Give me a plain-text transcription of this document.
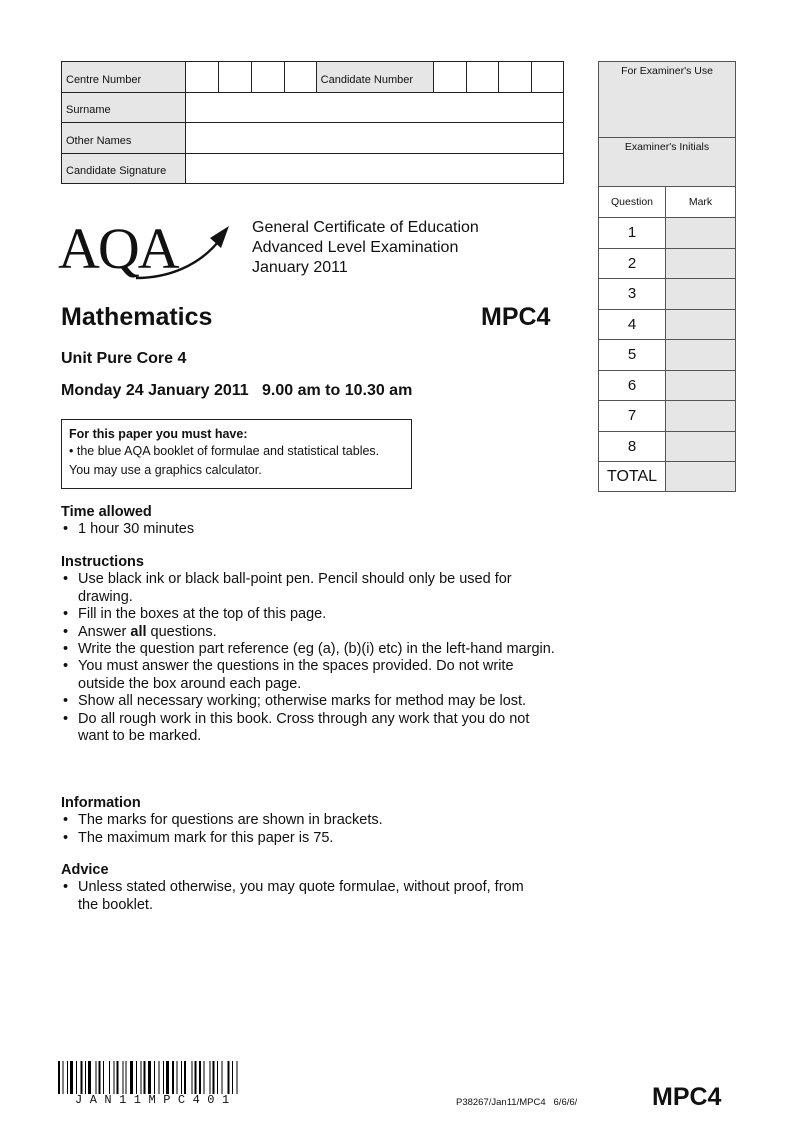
Centre Number					Candidate Number				
Surname									
Other Names									
Candidate Signature									
For Examiner's Use	
Examiner's Initials	
Question	Mark
1	
2	
3	
4	
5	
6	
7	
8	
TOTAL	
AQA	General Certificate of Education
Advanced Level Examination
January 2011
Mathematics	MPC4
Unit Pure Core 4
Monday 24 January 2011   9.00 am to 10.30 am
For this paper you must have:
• the blue AQA booklet of formulae and statistical tables.
You may use a graphics calculator.
Time allowed
• 1 hour 30 minutes
Instructions
• Use black ink or black ball-point pen. Pencil should only be used for drawing.
• Fill in the boxes at the top of this page.
• Answer all questions.
• Write the question part reference (eg (a), (b)(i) etc) in the left-hand margin.
• You must answer the questions in the spaces provided. Do not write outside the box around each page.
• Show all necessary working; otherwise marks for method may be lost.
• Do all rough work in this book. Cross through any work that you do not want to be marked.
Information
• The marks for questions are shown in brackets.
• The maximum mark for this paper is 75.
Advice
• Unless stated otherwise, you may quote formulae, without proof, from the booklet.
JAN11MPC401	P38267/Jan11/MPC4   6/6/6/	MPC4
